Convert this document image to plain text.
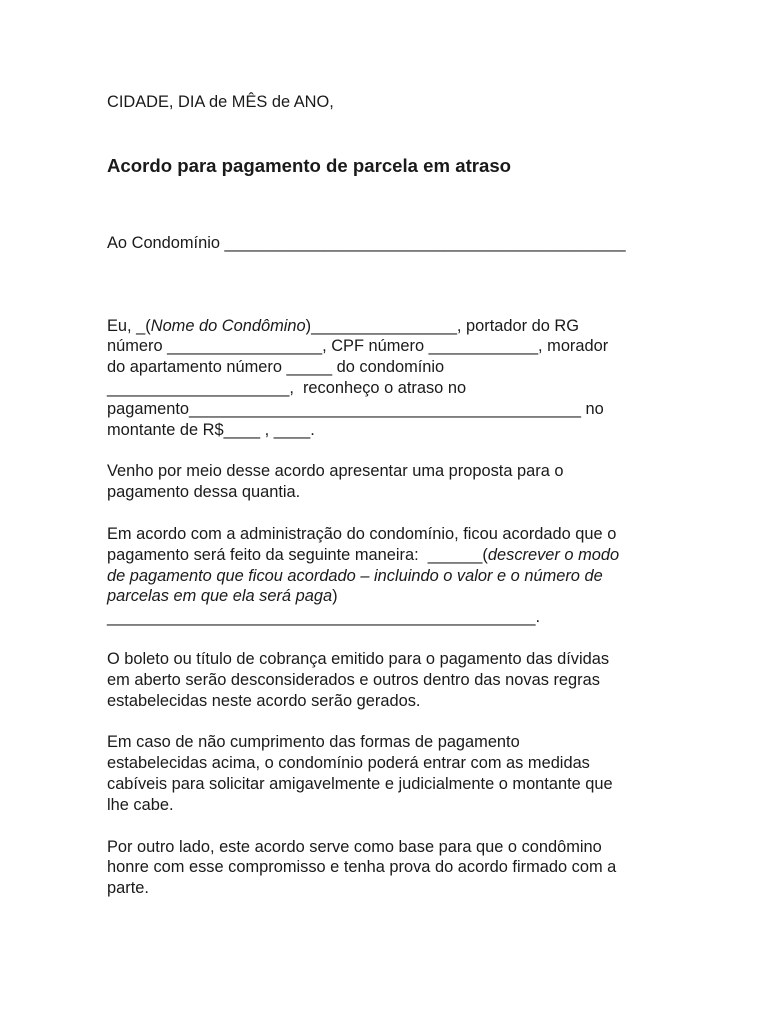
CIDADE, DIA de MÊS de ANO,

Acordo para pagamento de parcela em atraso

Ao Condomínio ____________________________________________

Eu, _(Nome do Condômino)________________, portador do RG
número _________________, CPF número ____________, morador
do apartamento número _____ do condomínio
____________________,  reconheço o atraso no
pagamento___________________________________________ no
montante de R$____ , ____.

Venho por meio desse acordo apresentar uma proposta para o
pagamento dessa quantia.

Em acordo com a administração do condomínio, ficou acordado que o
pagamento será feito da seguinte maneira:  ______(descrever o modo
de pagamento que ficou acordado – incluindo o valor e o número de
parcelas em que ela será paga)
_______________________________________________.

O boleto ou título de cobrança emitido para o pagamento das dívidas
em aberto serão desconsiderados e outros dentro das novas regras
estabelecidas neste acordo serão gerados.

Em caso de não cumprimento das formas de pagamento
estabelecidas acima, o condomínio poderá entrar com as medidas
cabíveis para solicitar amigavelmente e judicialmente o montante que
lhe cabe.

Por outro lado, este acordo serve como base para que o condômino
honre com esse compromisso e tenha prova do acordo firmado com a
parte.
